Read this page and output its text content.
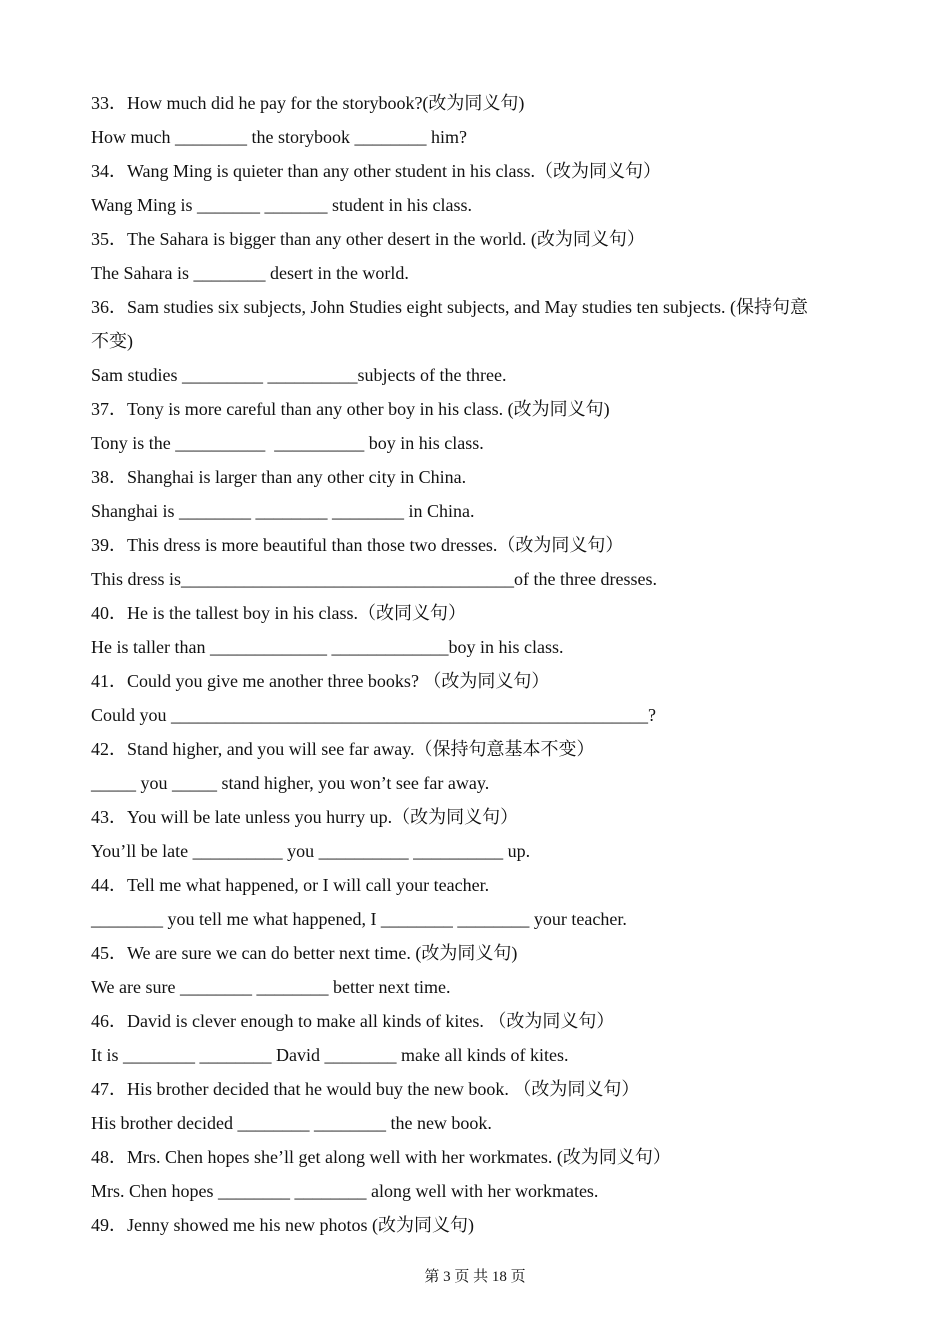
33．How much did he pay for the storybook?(改为同义句)
How much ________ the storybook ________ him?
34．Wang Ming is quieter than any other student in his class.（改为同义句）
Wang Ming is _______ _______ student in his class.
35．The Sahara is bigger than any other desert in the world. (改为同义句）
The Sahara is ________ desert in the world.
36．Sam studies six subjects, John Studies eight subjects, and May studies ten subjects. (保持句意
不变)
Sam studies _________ __________subjects of the three.
37．Tony is more careful than any other boy in his class. (改为同义句)
Tony is the __________  __________ boy in his class.
38．Shanghai is larger than any other city in China.
Shanghai is ________ ________ ________ in China.
39．This dress is more beautiful than those two dresses.（改为同义句）
This dress is_____________________________________of the three dresses.
40．He is the tallest boy in his class.（改同义句）
He is taller than _____________ _____________boy in his class.
41．Could you give me another three books? （改为同义句）
Could you _____________________________________________________?
42．Stand higher, and you will see far away.（保持句意基本不变）
_____ you _____ stand higher, you won’t see far away.
43．You will be late unless you hurry up.（改为同义句）
You’ll be late __________ you __________ __________ up.
44．Tell me what happened, or I will call your teacher.
________ you tell me what happened, I ________ ________ your teacher.
45．We are sure we can do better next time. (改为同义句)
We are sure ________ ________ better next time.
46．David is clever enough to make all kinds of kites. （改为同义句）
It is ________ ________ David ________ make all kinds of kites.
47．His brother decided that he would buy the new book. （改为同义句）
His brother decided ________ ________ the new book.
48．Mrs. Chen hopes she’ll get along well with her workmates. (改为同义句）
Mrs. Chen hopes ________ ________ along well with her workmates.
49．Jenny showed me his new photos (改为同义句)
第 3 页 共 18 页
